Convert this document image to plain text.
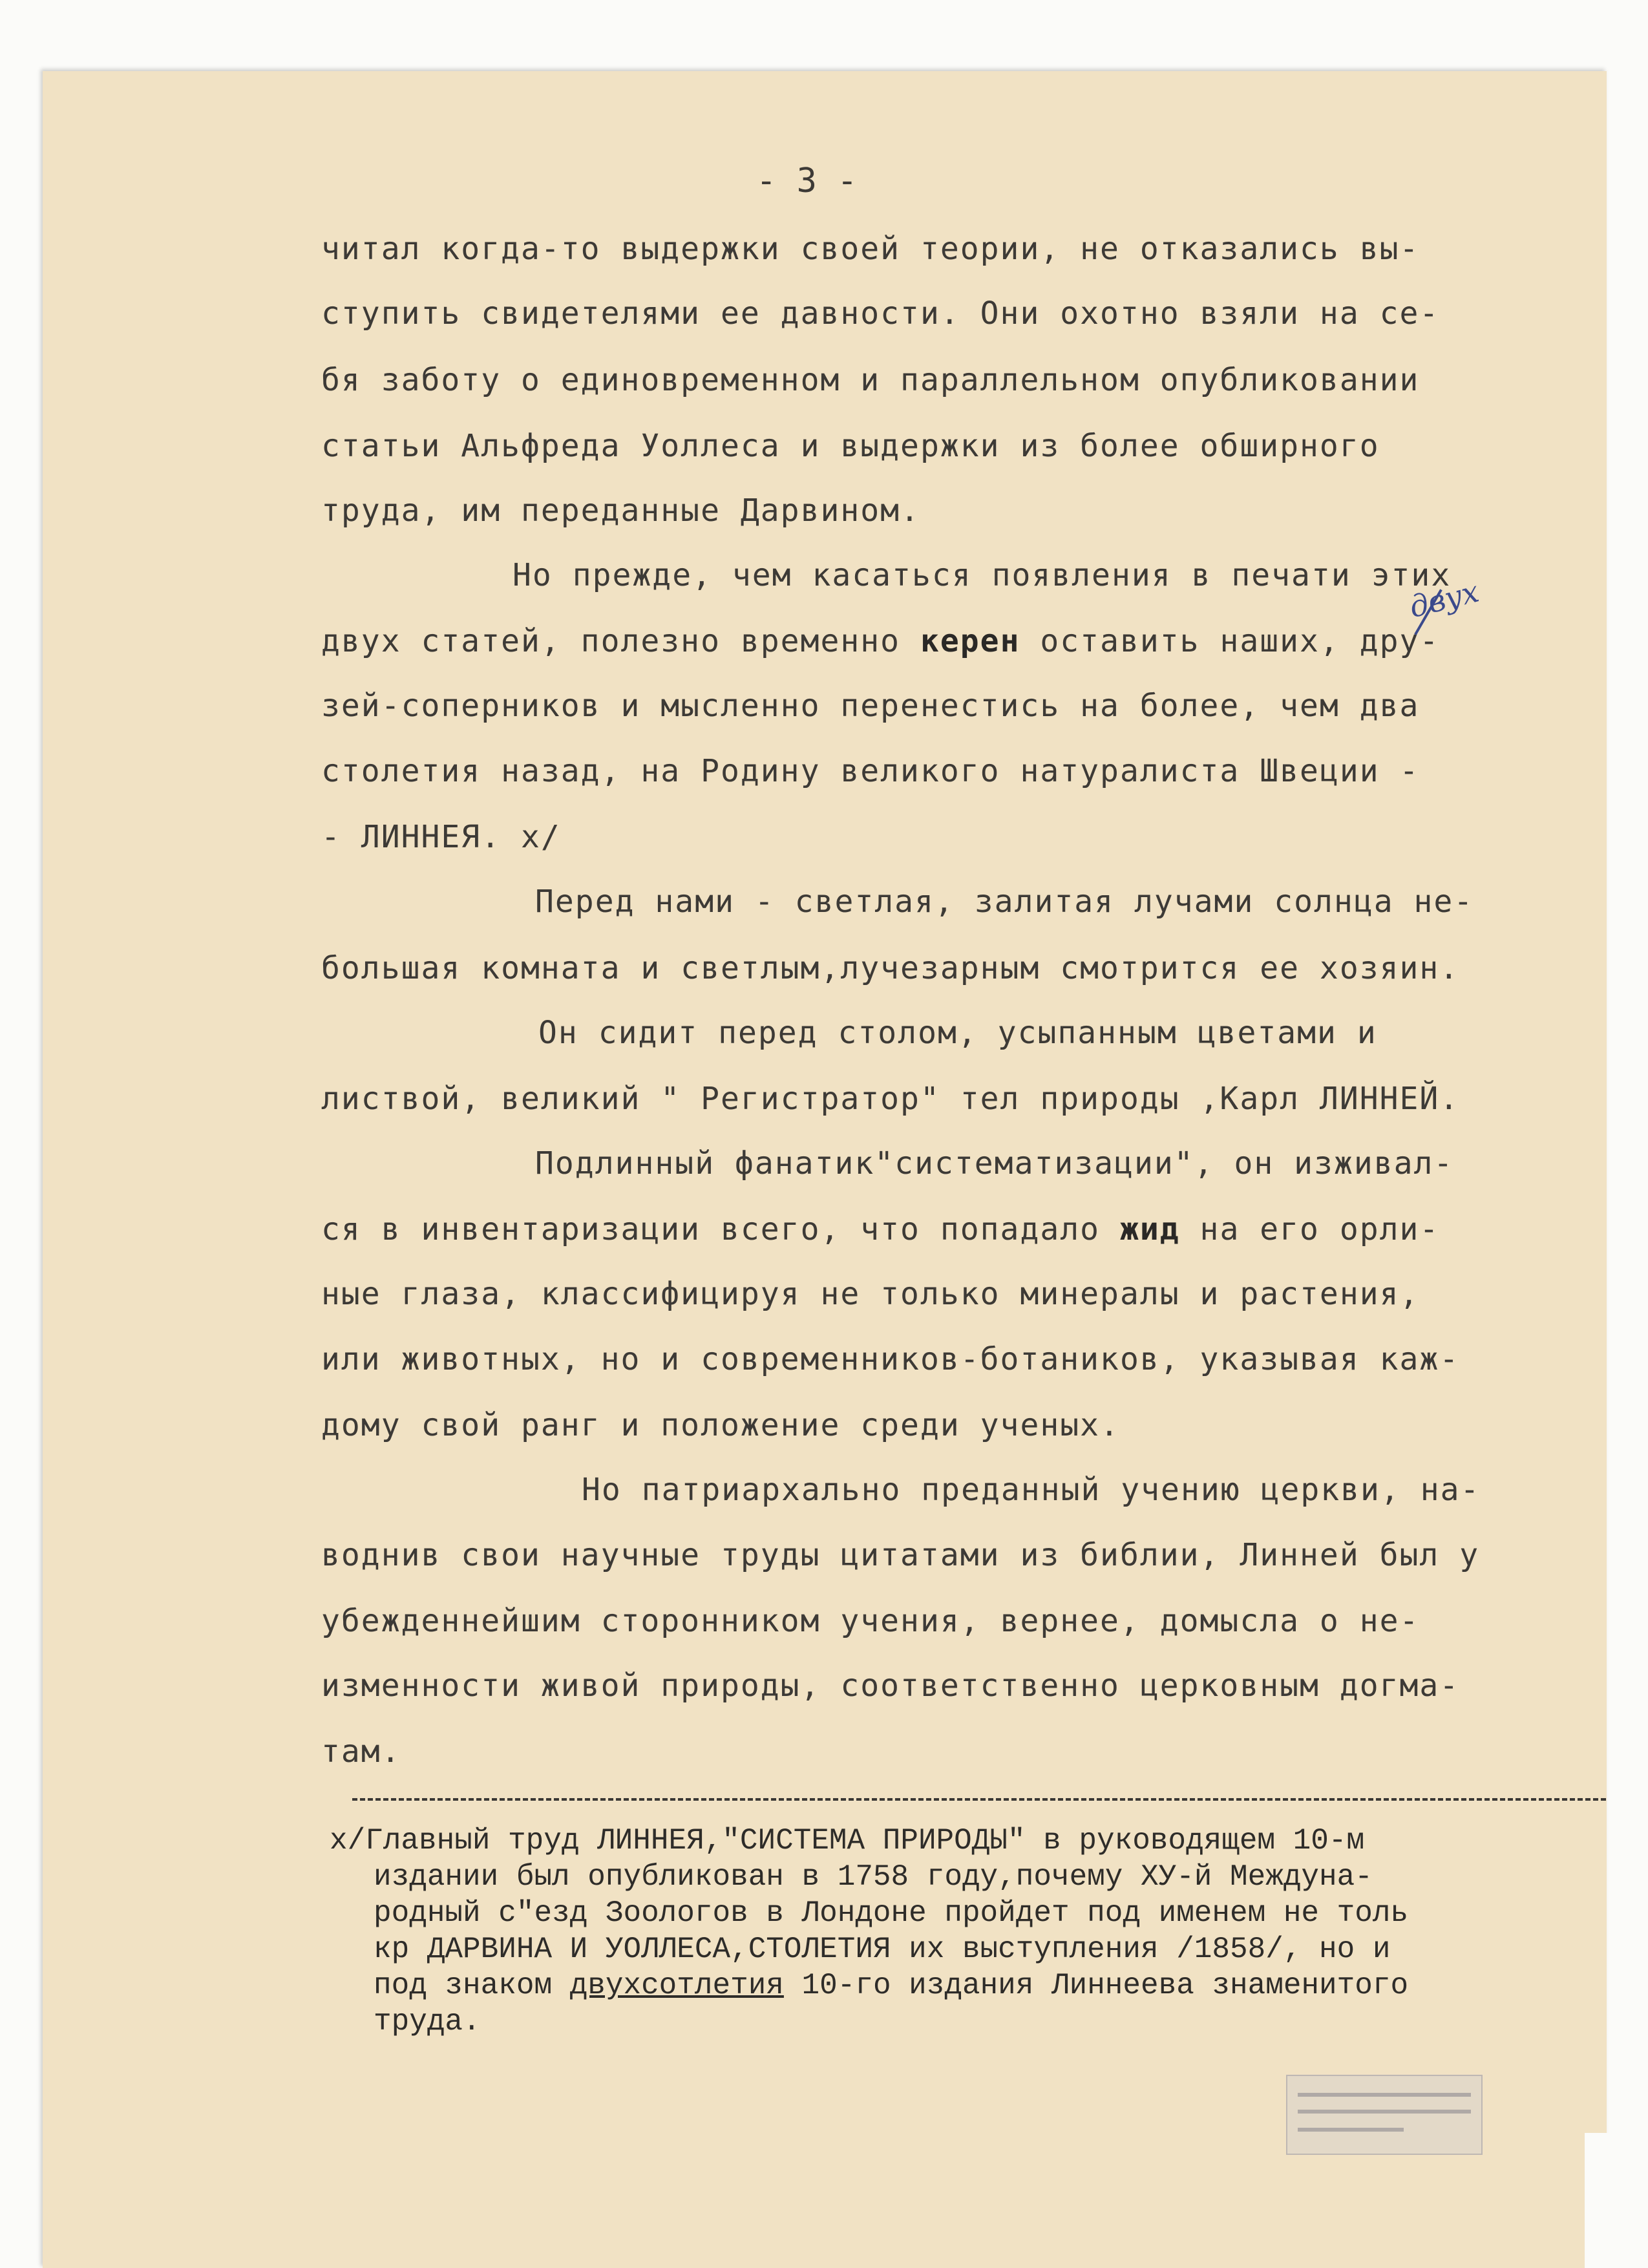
- 3 -
читал когда-то выдержки своей теории, не отказались вы-
ступить свидетелями ее давности. Они охотно взяли на се-
бя заботу о единовременном и параллельном опубликовании
статьи Альфреда Уоллеса и выдержки из более обширного
труда, им переданные Дарвином.
Но прежде, чем касаться появления в печати этих
двух статей, полезно временно керен оставить наших, дру-
двух
зей-соперников и мысленно перенестись на более, чем два
столетия назад, на Родину великого натуралиста Швеции -
- ЛИННЕЯ. х/
Перед нами - светлая, залитая лучами солнца не-
большая комната и светлым,лучезарным смотрится ее хозяин.
Он сидит перед столом, усыпанным цветами и
листвой, великий " Регистратор" тел природы ,Карл ЛИННЕЙ.
Подлинный фанатик"систематизации", он изживал-
ся в инвентаризации всего, что попадало жид на его орли-
ные глаза, классифицируя не только минералы и растения,
или животных, но и современников-ботаников, указывая каж-
дому свой ранг и положение среди ученых.
Но патриархально преданный учению церкви, на-
воднив свои научные труды цитатами из библии, Линней был у
убежденнейшим сторонником учения, вернее, домысла о не-
изменности живой природы, соответственно церковным догма-
там.
х/Главный труд ЛИННЕЯ,"СИСТЕМА ПРИРОДЫ" в руководящем 10-м
издании был опубликован в 1758 году,почему ХУ-й Междуна-
родный с"езд Зоологов в Лондоне пройдет под именем не толь
кр ДАРВИНА И УОЛЛЕСА,СТОЛЕТИЯ их выступления /1858/, но и
под знаком двухсотлетия 10-го издания Линнеева знаменитого
труда.
